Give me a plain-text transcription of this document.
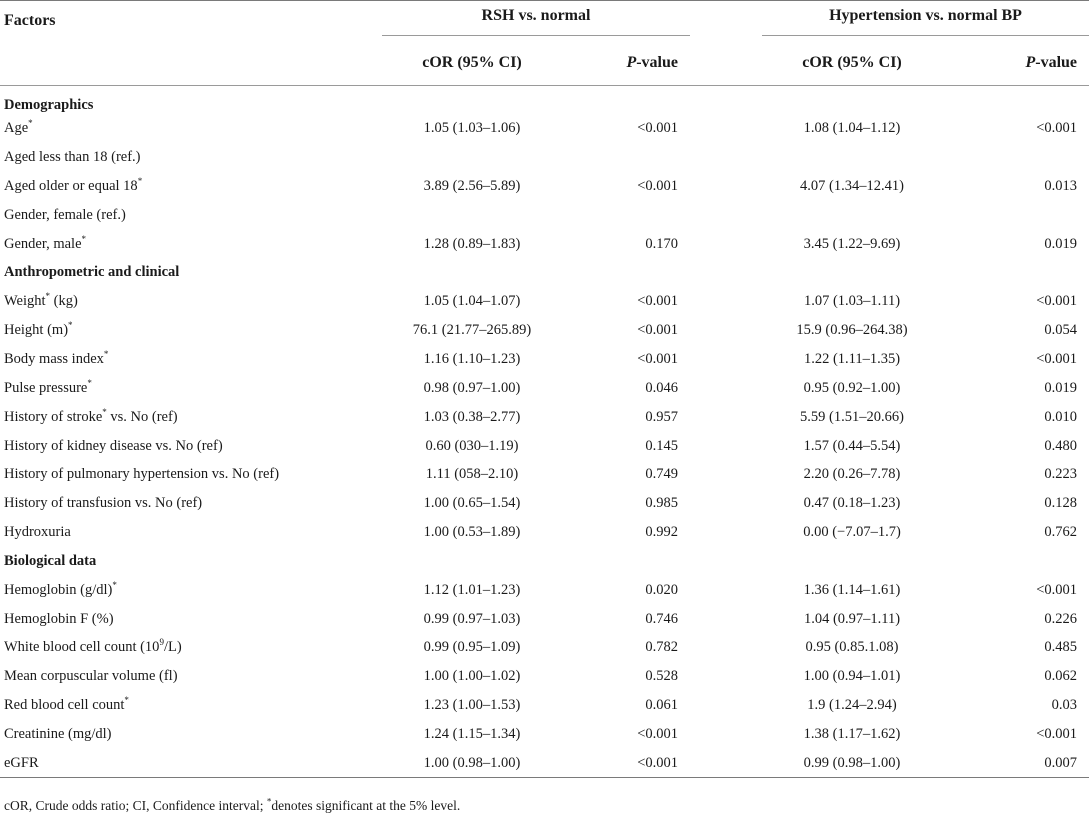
Factors	RSH vs. normal			Hypertension vs. normal BP	

	cOR (95% CI)	P-value		cOR (95% CI)	P-value
Demographics					
Age*	1.05 (1.03–1.06)	<0.001		1.08 (1.04–1.12)	<0.001
Aged less than 18 (ref.)					
Aged older or equal 18*	3.89 (2.56–5.89)	<0.001		4.07 (1.34–12.41)	0.013
Gender, female (ref.)					
Gender, male*	1.28 (0.89–1.83)	0.170		3.45 (1.22–9.69)	0.019
Anthropometric and clinical					
Weight* (kg)	1.05 (1.04–1.07)	<0.001		1.07 (1.03–1.11)	<0.001
Height (m)*	76.1 (21.77–265.89)	<0.001		15.9 (0.96–264.38)	0.054
Body mass index*	1.16 (1.10–1.23)	<0.001		1.22 (1.11–1.35)	<0.001
Pulse pressure*	0.98 (0.97–1.00)	0.046		0.95 (0.92–1.00)	0.019
History of stroke* vs. No (ref)	1.03 (0.38–2.77)	0.957		5.59 (1.51–20.66)	0.010
History of kidney disease vs. No (ref)	0.60 (030–1.19)	0.145		1.57 (0.44–5.54)	0.480
History of pulmonary hypertension vs. No (ref)	1.11 (058–2.10)	0.749		2.20 (0.26–7.78)	0.223
History of transfusion vs. No (ref)	1.00 (0.65–1.54)	0.985		0.47 (0.18–1.23)	0.128
Hydroxuria	1.00 (0.53–1.89)	0.992		0.00 (−7.07–1.7)	0.762
Biological data					
Hemoglobin (g/dl)*	1.12 (1.01–1.23)	0.020		1.36 (1.14–1.61)	<0.001
Hemoglobin F (%)	0.99 (0.97–1.03)	0.746		1.04 (0.97–1.11)	0.226
White blood cell count $(10^9/L)$	0.99 (0.95–1.09)	0.782		0.95 (0.85.1.08)	0.485
Mean corpuscular volume (fl)	1.00 (1.00–1.02)	0.528		1.00 (0.94–1.01)	0.062
Red blood cell count*	1.23 (1.00–1.53)	0.061		1.9 (1.24–2.94)	0.03
Creatinine (mg/dl)	1.24 (1.15–1.34)	<0.001		1.38 (1.17–1.62)	<0.001
eGFR	1.00 (0.98–1.00)	<0.001		0.99 (0.98–1.00)	0.007

cOR, Crude odds ratio; CI, Confidence interval; *denotes significant at the 5% level.
